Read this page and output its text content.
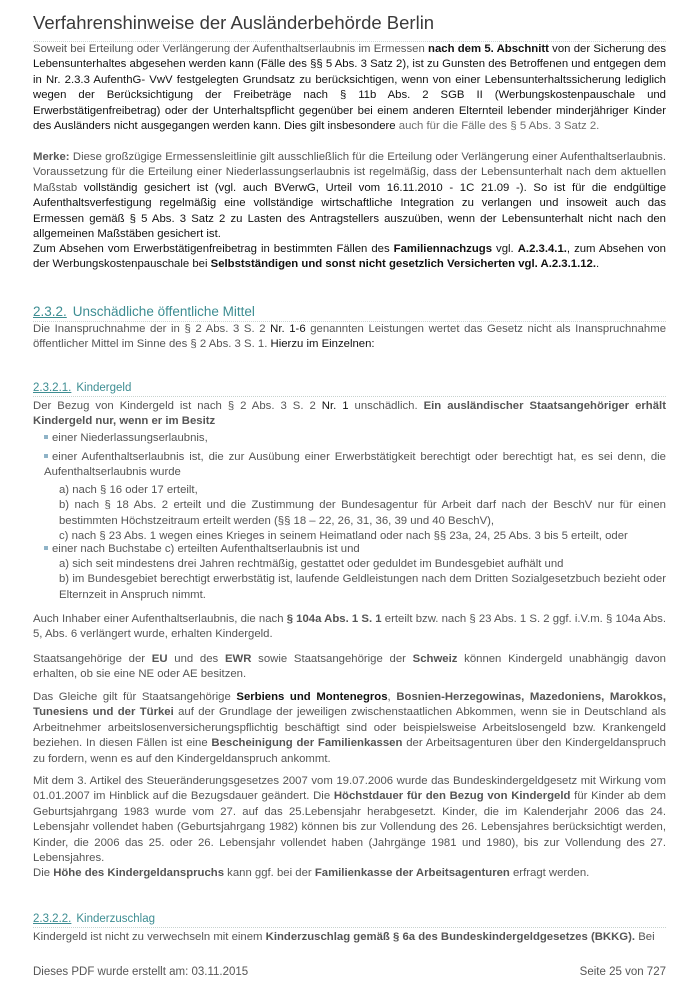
Verfahrenshinweise der Ausländerbehörde Berlin
Soweit bei Erteilung oder Verlängerung der Aufenthaltserlaubnis im Ermessen nach dem 5. Abschnitt von der Sicherung des Lebensunterhaltes abgesehen werden kann (Fälle des §§ 5 Abs. 3 Satz 2), ist zu Gunsten des Betroffenen und entgegen dem in Nr. 2.3.3 AufenthG- VwV festgelegten Grundsatz zu berücksichtigen, wenn von einer Lebensunterhaltssicherung lediglich wegen der Berücksichtigung der Freibeträge nach § 11b Abs. 2 SGB II (Werbungskostenpauschale und Erwerbstätigenfreibetrag) oder der Unterhaltspflicht gegenüber bei einem anderen Elternteil lebender minderjähriger Kinder des Ausländers nicht ausgegangen werden kann. Dies gilt insbesondere auch für die Fälle des § 5 Abs. 3 Satz 2.
Merke: Diese großzügige Ermessensleitlinie gilt ausschließlich für die Erteilung oder Verlängerung einer Aufenthaltserlaubnis. Voraussetzung für die Erteilung einer Niederlassungserlaubnis ist regelmäßig, dass der Lebensunterhalt nach dem aktuellen Maßstab vollständig gesichert ist (vgl. auch BVerwG, Urteil vom 16.11.2010 - 1C 21.09 -). So ist für die endgültige Aufenthaltsverfestigung regelmäßig eine vollständige wirtschaftliche Integration zu verlangen und insoweit auch das Ermessen gemäß § 5 Abs. 3 Satz 2 zu Lasten des Antragstellers auszuüben, wenn der Lebensunterhalt nicht nach den allgemeinen Maßstäben gesichert ist.
Zum Absehen vom Erwerbstätigenfreibetrag in bestimmten Fällen des Familiennachzugs vgl. A.2.3.4.1., zum Absehen von der Werbungskostenpauschale bei Selbstständigen und sonst nicht gesetzlich Versicherten vgl. A.2.3.1.12..
2.3.2. Unschädliche öffentliche Mittel
Die Inanspruchnahme der in § 2 Abs. 3 S. 2 Nr. 1-6 genannten Leistungen wertet das Gesetz nicht als Inanspruchnahme öffentlicher Mittel im Sinne des § 2 Abs. 3 S. 1. Hierzu im Einzelnen:
2.3.2.1. Kindergeld
Der Bezug von Kindergeld ist nach § 2 Abs. 3 S. 2 Nr. 1 unschädlich. Ein ausländischer Staatsangehöriger erhält Kindergeld nur, wenn er im Besitz
einer Niederlassungserlaubnis,
einer Aufenthaltserlaubnis ist, die zur Ausübung einer Erwerbstätigkeit berechtigt oder berechtigt hat, es sei denn, die Aufenthaltserlaubnis wurde
a) nach § 16 oder 17 erteilt,
b) nach § 18 Abs. 2 erteilt und die Zustimmung der Bundesagentur für Arbeit darf nach der BeschV nur für einen bestimmten Höchstzeitraum erteilt werden (§§ 18 – 22, 26, 31, 36, 39 und 40 BeschV),
c) nach § 23 Abs. 1 wegen eines Krieges in seinem Heimatland oder nach §§ 23a, 24, 25 Abs. 3 bis 5 erteilt, oder
einer nach Buchstabe c) erteilten Aufenthaltserlaubnis ist und
a) sich seit mindestens drei Jahren rechtmäßig, gestattet oder geduldet im Bundesgebiet aufhält und
b) im Bundesgebiet berechtigt erwerbstätig ist, laufende Geldleistungen nach dem Dritten Sozialgesetzbuch bezieht oder Elternzeit in Anspruch nimmt.
Auch Inhaber einer Aufenthaltserlaubnis, die nach § 104a Abs. 1 S. 1 erteilt bzw. nach § 23 Abs. 1 S. 2 ggf. i.V.m. § 104a Abs. 5, Abs. 6 verlängert wurde, erhalten Kindergeld.
Staatsangehörige der EU und des EWR sowie Staatsangehörige der Schweiz können Kindergeld unabhängig davon erhalten, ob sie eine NE oder AE besitzen.
Das Gleiche gilt für Staatsangehörige Serbiens und Montenegros, Bosnien-Herzegowinas, Mazedoniens, Marokkos, Tunesiens und der Türkei auf der Grundlage der jeweiligen zwischenstaatlichen Abkommen, wenn sie in Deutschland als Arbeitnehmer arbeitslosenversicherungspflichtig beschäftigt sind oder beispielsweise Arbeitslosengeld bzw. Krankengeld beziehen. In diesen Fällen ist eine Bescheinigung der Familienkassen der Arbeitsagenturen über den Kindergeldanspruch zu fordern, wenn es auf den Kindergeldanspruch ankommt.
Mit dem 3. Artikel des Steueränderungsgesetzes 2007 vom 19.07.2006 wurde das Bundeskindergeldgesetz mit Wirkung vom 01.01.2007 im Hinblick auf die Bezugsdauer geändert. Die Höchstdauer für den Bezug von Kindergeld für Kinder ab dem Geburtsjahrgang 1983 wurde vom 27. auf das 25.Lebensjahr herabgesetzt. Kinder, die im Kalenderjahr 2006 das 24. Lebensjahr vollendet haben (Geburtsjahrgang 1982) können bis zur Vollendung des 26. Lebensjahres berücksichtigt werden, Kinder, die 2006 das 25. oder 26. Lebensjahr vollendet haben (Jahrgänge 1981 und 1980), bis zur Vollendung des 27. Lebensjahres.
Die Höhe des Kindergeldanspruchs kann ggf. bei der Familienkasse der Arbeitsagenturen erfragt werden.
2.3.2.2. Kinderzuschlag
Kindergeld ist nicht zu verwechseln mit einem Kinderzuschlag gemäß § 6a des Bundeskindergeldgesetzes (BKKG). Bei
Dieses PDF wurde erstellt am: 03.11.2015	Seite 25 von 727
